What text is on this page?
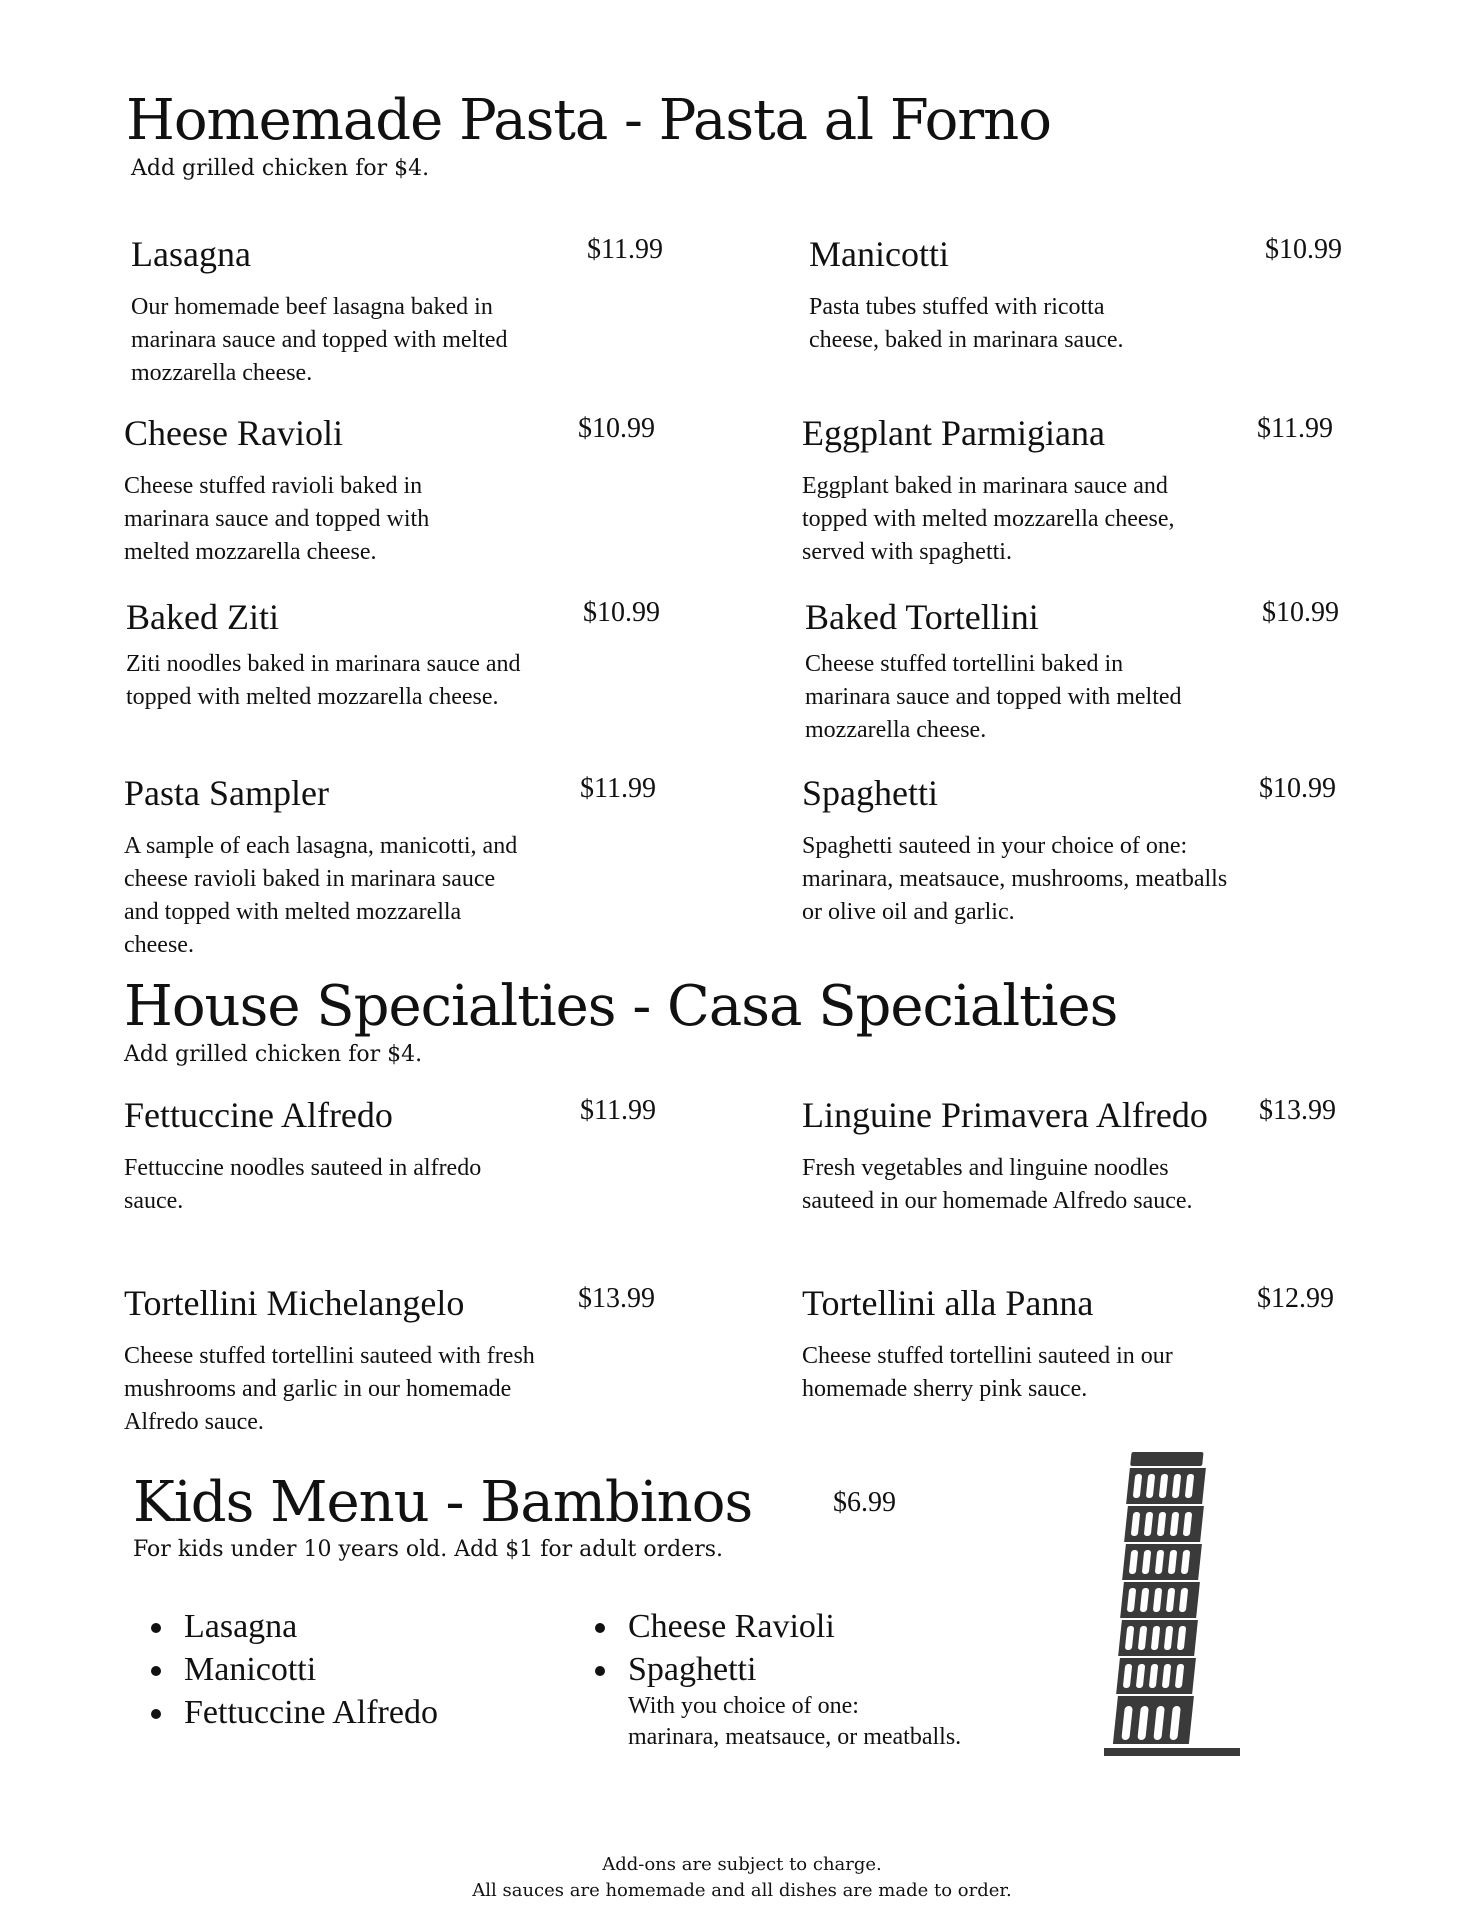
Homemade Pasta - Pasta al Forno
Add grilled chicken for $4.
Lasagna
Our homemade beef lasagna baked in marinara sauce and topped with melted mozzarella cheese.
$11.99	Manicotti
Pasta tubes stuffed with ricotta cheese, baked in marinara sauce.
$10.99
Cheese Ravioli
Cheese stuffed ravioli baked in marinara sauce and topped with melted mozzarella cheese.
$10.99	Eggplant Parmigiana
Eggplant baked in marinara sauce and topped with melted mozzarella cheese, served with spaghetti.
$11.99
Baked Ziti
Ziti noodles baked in marinara sauce and topped with melted mozzarella cheese.
$10.99	Baked Tortellini
Cheese stuffed tortellini baked in marinara sauce and topped with melted mozzarella cheese.
$10.99
Pasta Sampler
A sample of each lasagna, manicotti, and cheese ravioli baked in marinara sauce and topped with melted mozzarella cheese.
$11.99	Spaghetti
Spaghetti sauteed in your choice of one: marinara, meatsauce, mushrooms, meatballs or olive oil and garlic.
$10.99
House Specialties - Casa Specialties
Add grilled chicken for $4.
Fettuccine Alfredo
Fettuccine noodles sauteed in alfredo sauce.
$11.99	Linguine Primavera Alfredo
Fresh vegetables and linguine noodles sauteed in our homemade Alfredo sauce.
$13.99
Tortellini Michelangelo
Cheese stuffed tortellini sauteed with fresh mushrooms and garlic in our homemade Alfredo sauce.
$13.99	Tortellini alla Panna
Cheese stuffed tortellini sauteed in our homemade sherry pink sauce.
$12.99
Kids Menu - Bambinos	$6.99
For kids under 10 years old. Add $1 for adult orders.
Lasagna
Manicotti
Fettuccine Alfredo
Cheese Ravioli
Spaghetti
With you choice of one:
marinara, meatsauce, or meatballs.
Add-ons are subject to charge.
All sauces are homemade and all dishes are made to order.
